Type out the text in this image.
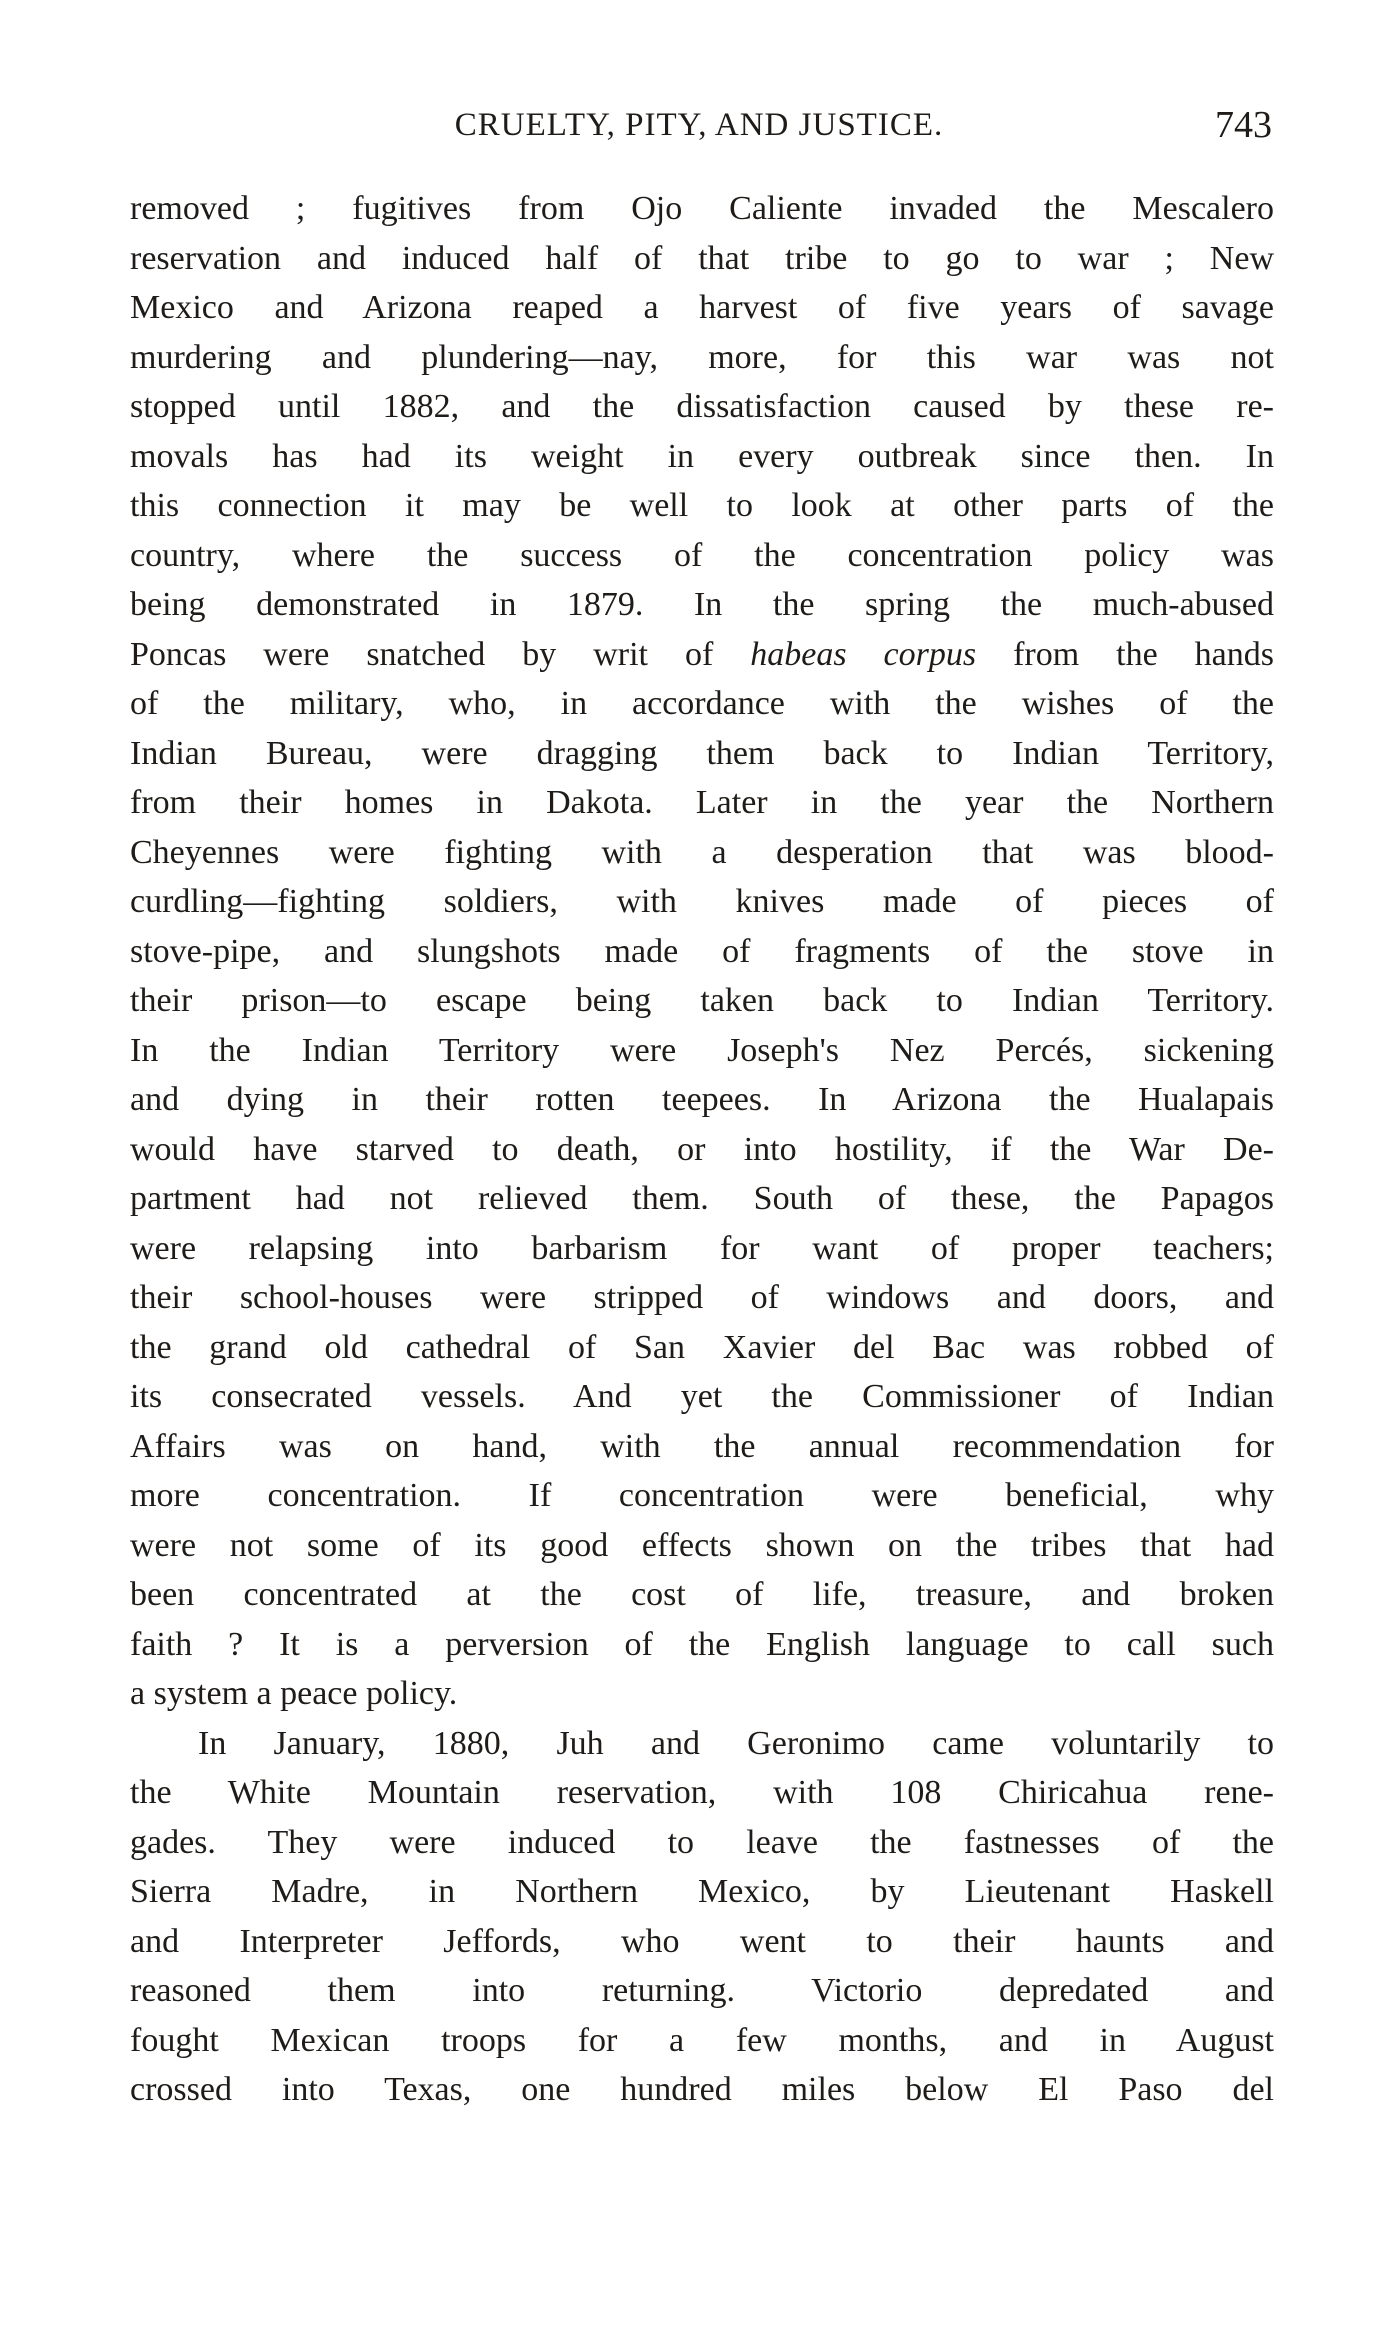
CRUELTY, PITY, AND JUSTICE.	743
removed ; fugitives from Ojo Caliente invaded the Mescalero
reservation and induced half of that tribe to go to war ; New
Mexico and Arizona reaped a harvest of five years of savage
murdering and plundering—nay, more, for this war was not
stopped until 1882, and the dissatisfaction caused by these re-
movals has had its weight in every outbreak since then. In
this connection it may be well to look at other parts of the
country, where the success of the concentration policy was
being demonstrated in 1879. In the spring the much-abused
Poncas were snatched by writ of habeas corpus from the hands
of the military, who, in accordance with the wishes of the
Indian Bureau, were dragging them back to Indian Territory,
from their homes in Dakota. Later in the year the Northern
Cheyennes were fighting with a desperation that was blood-
curdling—fighting soldiers, with knives made of pieces of
stove-pipe, and slungshots made of fragments of the stove in
their prison—to escape being taken back to Indian Territory.
In the Indian Territory were Joseph's Nez Percés, sickening
and dying in their rotten teepees. In Arizona the Hualapais
would have starved to death, or into hostility, if the War De-
partment had not relieved them. South of these, the Papagos
were relapsing into barbarism for want of proper teachers;
their school-houses were stripped of windows and doors, and
the grand old cathedral of San Xavier del Bac was robbed of
its consecrated vessels. And yet the Commissioner of Indian
Affairs was on hand, with the annual recommendation for
more concentration. If concentration were beneficial, why
were not some of its good effects shown on the tribes that had
been concentrated at the cost of life, treasure, and broken
faith ? It is a perversion of the English language to call such
a system a peace policy.
In January, 1880, Juh and Geronimo came voluntarily to
the White Mountain reservation, with 108 Chiricahua rene-
gades. They were induced to leave the fastnesses of the
Sierra Madre, in Northern Mexico, by Lieutenant Haskell
and Interpreter Jeffords, who went to their haunts and
reasoned them into returning. Victorio depredated and
fought Mexican troops for a few months, and in August
crossed into Texas, one hundred miles below El Paso del
